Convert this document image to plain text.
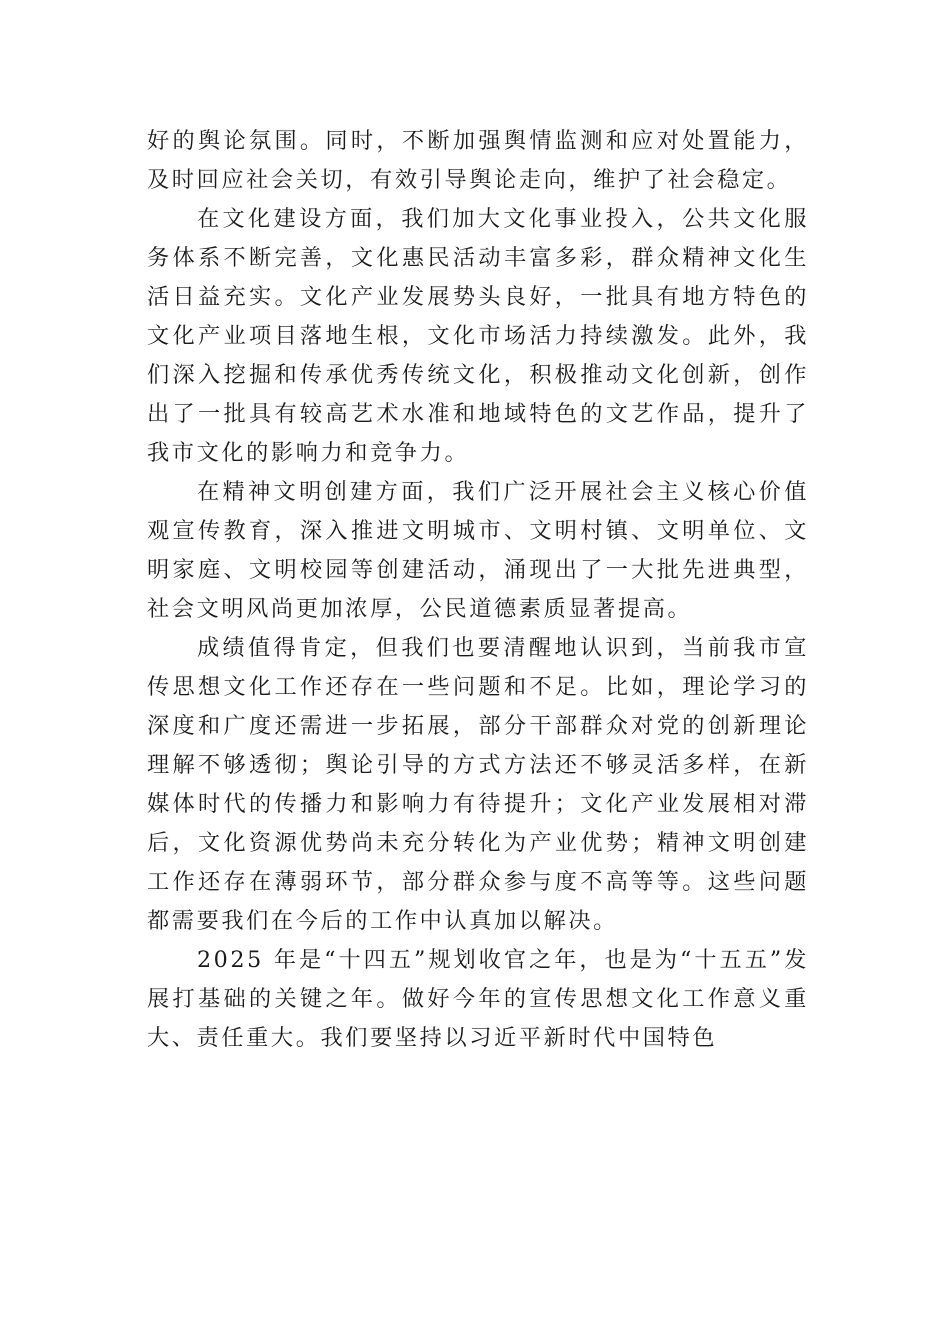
好的舆论氛围。同时，不断加强舆情监测和应对处置能力，及时回应社会关切，有效引导舆论走向，维护了社会稳定。

在文化建设方面，我们加大文化事业投入，公共文化服务体系不断完善，文化惠民活动丰富多彩，群众精神文化生活日益充实。文化产业发展势头良好，一批具有地方特色的文化产业项目落地生根，文化市场活力持续激发。此外，我们深入挖掘和传承优秀传统文化，积极推动文化创新，创作出了一批具有较高艺术水准和地域特色的文艺作品，提升了我市文化的影响力和竞争力。

在精神文明创建方面，我们广泛开展社会主义核心价值观宣传教育，深入推进文明城市、文明村镇、文明单位、文明家庭、文明校园等创建活动，涌现出了一大批先进典型，社会文明风尚更加浓厚，公民道德素质显著提高。

成绩值得肯定，但我们也要清醒地认识到，当前我市宣传思想文化工作还存在一些问题和不足。比如，理论学习的深度和广度还需进一步拓展，部分干部群众对党的创新理论理解不够透彻；舆论引导的方式方法还不够灵活多样，在新媒体时代的传播力和影响力有待提升；文化产业发展相对滞后，文化资源优势尚未充分转化为产业优势；精神文明创建工作还存在薄弱环节，部分群众参与度不高等等。这些问题都需要我们在今后的工作中认真加以解决。

2025 年是“十四五”规划收官之年，也是为“十五五”发展打基础的关键之年。做好今年的宣传思想文化工作意义重大、责任重大。我们要坚持以习近平新时代中国特色
